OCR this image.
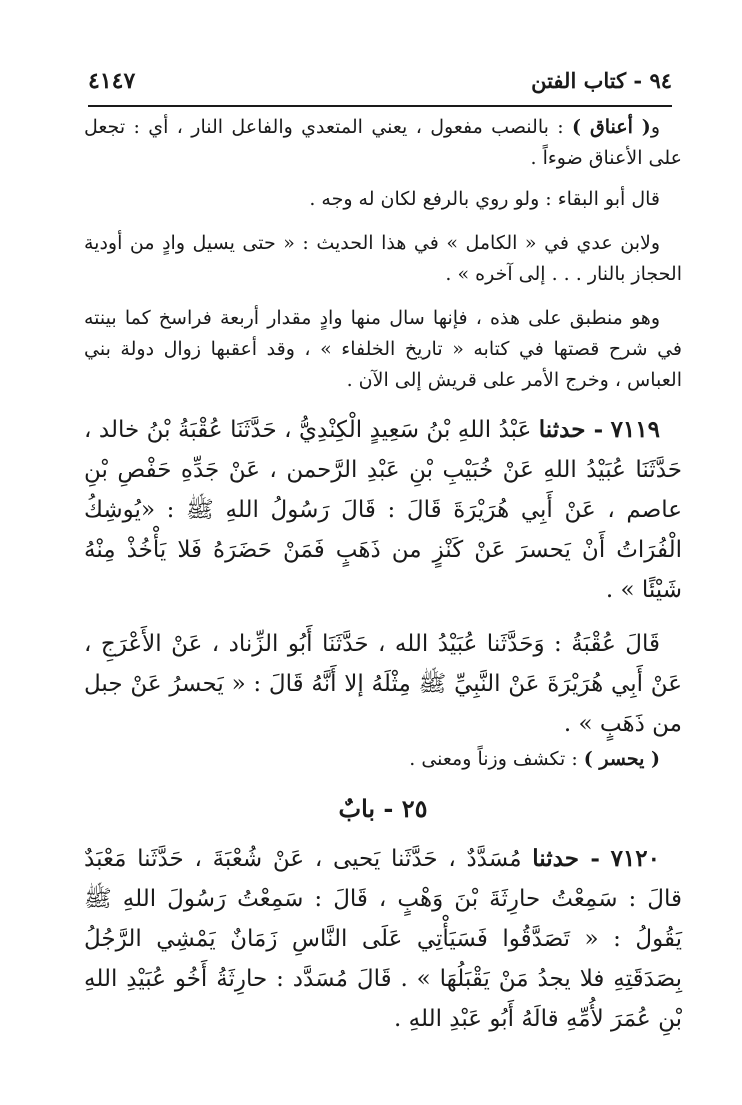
٩٤ - كتاب الفتن
٤١٤٧

و( أعناق ) : بالنصب مفعول ، يعني المتعدي والفاعل النار ، أي : تجعل على الأعناق ضوءاً .

قال أبو البقاء : ولو روي بالرفع لكان له وجه .

ولابن عدي في « الكامل » في هذا الحديث : « حتى يسيل وادٍ من أودية الحجاز بالنار . . . إلى آخره » .

وهو منطبق على هذه ، فإنها سال منها وادٍ مقدار أربعة فراسخ كما بينته في شرح قصتها في كتابه « تاريخ الخلفاء » ، وقد أعقبها زوال دولة بني العباس ، وخرج الأمر على قريش إلى الآن .

٧١١٩ - حدثنا عَبْدُ اللهِ بْنُ سَعِيدٍ الْكِنْدِيُّ ، حَدَّثَنَا عُقْبَةُ بْنُ خالد ، حَدَّثَنَا عُبَيْدُ اللهِ عَنْ خُبَيْبِ بْنِ عَبْدِ الرَّحمن ، عَنْ جَدِّهِ حَفْصِ بْنِ عاصم ، عَنْ أَبِي هُرَيْرَةَ قَالَ : قَالَ رَسُولُ اللهِ ﷺ : «يُوشِكُ الْفُرَاتُ أَنْ يَحسرَ عَنْ كَنْزٍ من ذَهَبٍ فَمَنْ حَضَرَهُ فَلا يَأْخُذْ مِنْهُ شَيْئًا » .

قَالَ عُقْبَةُ : وَحَدَّثَنا عُبَيْدُ الله ، حَدَّثَنَا أَبُو الزِّناد ، عَنْ الأَعْرَجِ ، عَنْ أَبِي هُرَيْرَةَ عَنْ النَّبِيِّ ﷺ مِثْلَهُ إلا أَنَّهُ قَالَ : « يَحسرُ عَنْ جبل من ذَهَبٍ » .

( يحسر ) : تكشف وزناً ومعنى .

٢٥ - بابٌ

٧١٢٠ - حدثنا مُسَدَّدٌ ، حَدَّثَنا يَحيى ، عَنْ شُعْبَةَ ، حَدَّثَنا مَعْبَدٌ قالَ : سَمِعْتُ حارِثَةَ بْنَ وَهْبٍ ، قَالَ : سَمِعْتُ رَسُولَ اللهِ ﷺ يَقُولُ : « تَصَدَّقُوا فَسَيَأْتِي عَلَى النَّاسِ زَمَانٌ يَمْشِي الرَّجُلُ بِصَدَقَتِهِ فلا يجدُ مَنْ يَقْبَلُهَا » . قَالَ مُسَدَّد : حارِثَةُ أَخُو عُبَيْدِ اللهِ بْنِ عُمَرَ لأُمِّهِ قالَهُ أَبُو عَبْدِ اللهِ .
